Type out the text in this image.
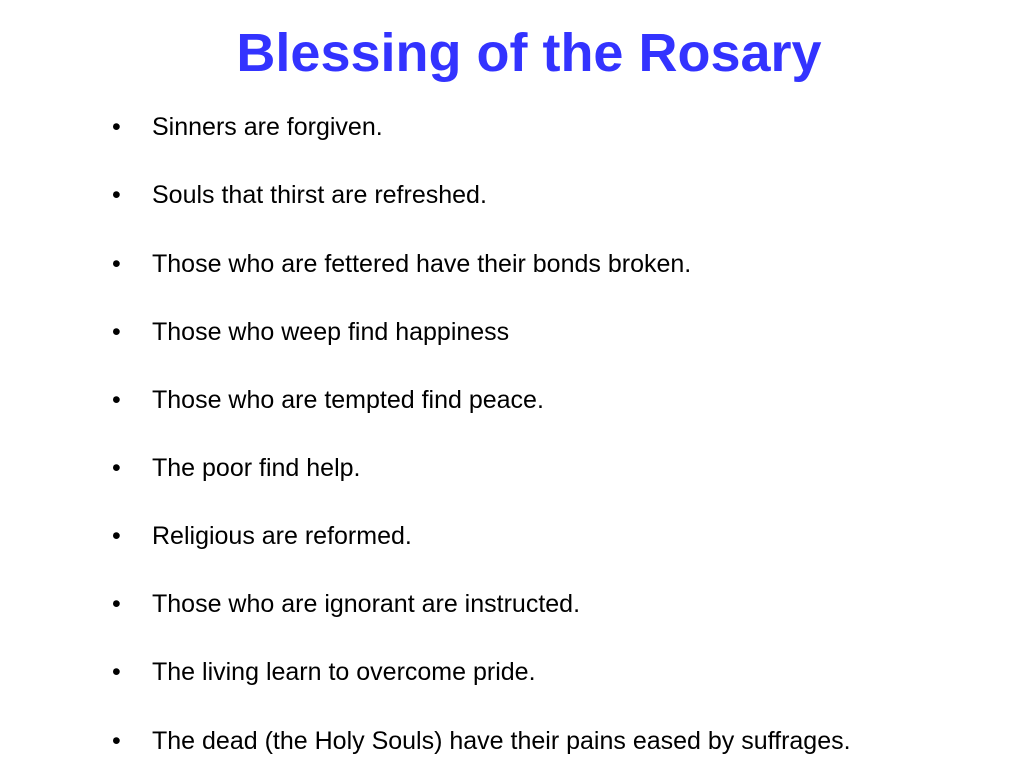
Blessing of the Rosary
• Sinners are forgiven.
• Souls that thirst are refreshed.
• Those who are fettered have their bonds broken.
• Those who weep find happiness
• Those who are tempted find peace.
• The poor find help.
• Religious are reformed.
• Those who are ignorant are instructed.
• The living learn to overcome pride.
• The dead (the Holy Souls) have their pains eased by suffrages.
